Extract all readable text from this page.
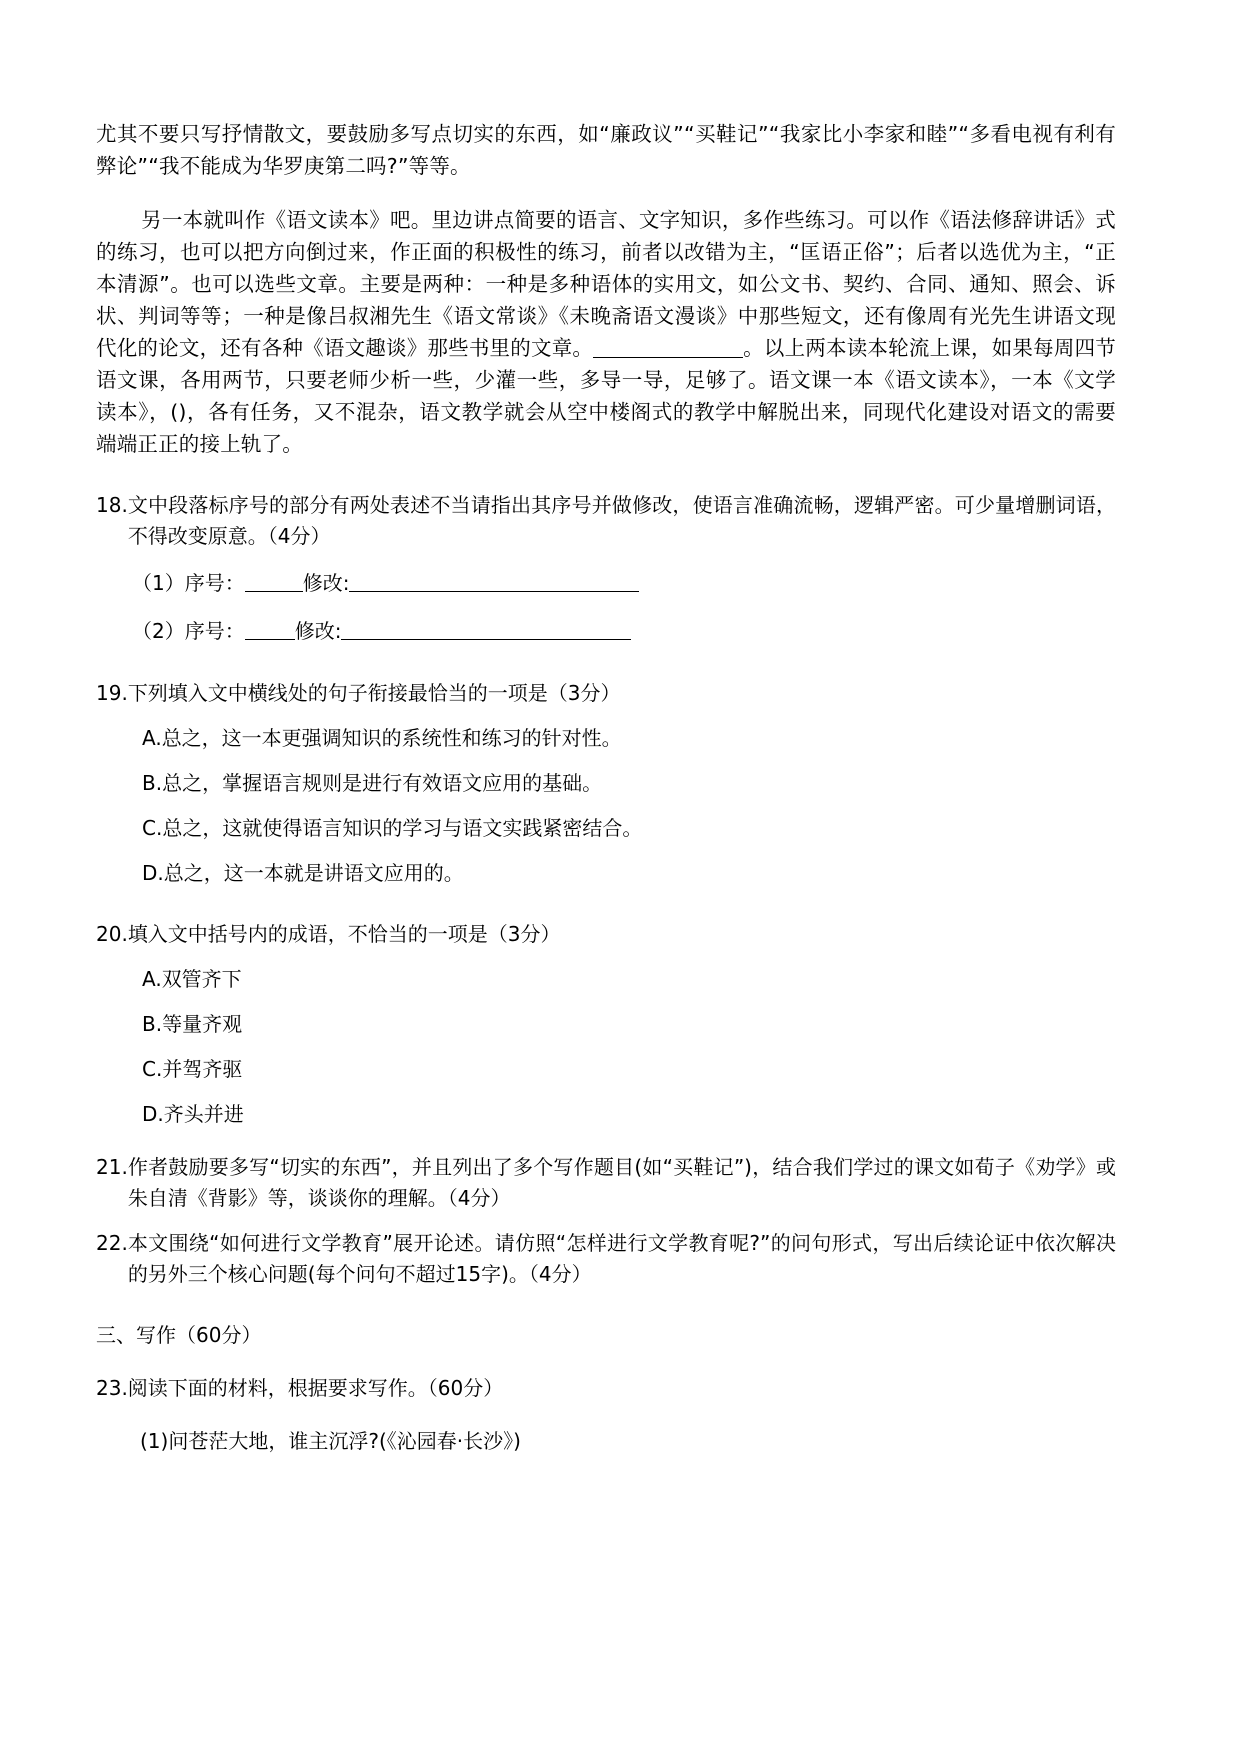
尤其不要只写抒情散文，要鼓励多写点切实的东西，如“廉政议”“买鞋记”“我家比小李家和睦”“多看电视有利有弊论”“我不能成为华罗庚第二吗?”等等。

另一本就叫作《语文读本》吧。里边讲点简要的语言、文字知识，多作些练习。可以作《语法修辞讲话》式的练习，也可以把方向倒过来，作正面的积极性的练习，前者以改错为主，“匡语正俗”；后者以选优为主，“正本清源”。也可以选些文章。主要是两种：一种是多种语体的实用文，如公文书、契约、合同、通知、照会、诉状、判词等等；一种是像吕叔湘先生《语文常谈》《未晚斋语文漫谈》中那些短文，还有像周有光先生讲语文现代化的论文，还有各种《语文趣谈》那些书里的文章。	。以上两本读本轮流上课，如果每周四节语文课，各用两节，只要老师少析一些，少灌一些，多导一导，足够了。语文课一本《语文读本》，一本《文学读本》，()，各有任务，又不混杂，语文教学就会从空中楼阁式的教学中解脱出来，同现代化建设对语文的需要端端正正的接上轨了。

18. 文中段落标序号的部分有两处表述不当请指出其序号并做修改，使语言准确流畅，逻辑严密。可少量增删词语，不得改变原意。（4分）
（1）序号：	修改:
（2）序号：	修改:
19. 下列填入文中横线处的句子衔接最恰当的一项是（3分）

A.总之，这一本更强调知识的系统性和练习的针对性。

B.总之，掌握语言规则是进行有效语文应用的基础。

C.总之，这就使得语言知识的学习与语文实践紧密结合。

D.总之，这一本就是讲语文应用的。

20. 填入文中括号内的成语，不恰当的一项是（3分）

A.双管齐下

B.等量齐观

C.并驾齐驱

D.齐头并进

21. 作者鼓励要多写“切实的东西”，并且列出了多个写作题目(如“买鞋记”)，结合我们学过的课文如荀子《劝学》或朱自清《背影》等，谈谈你的理解。（4分）
22. 本文围绕“如何进行文学教育”展开论述。请仿照“怎样进行文学教育呢?”的问句形式，写出后续论证中依次解决的另外三个核心问题(每个问句不超过15字)。（4分）

三、写作（60分）

23.阅读下面的材料，根据要求写作。（60分）

(1)问苍茫大地，谁主沉浮?(《沁园春·长沙》)
